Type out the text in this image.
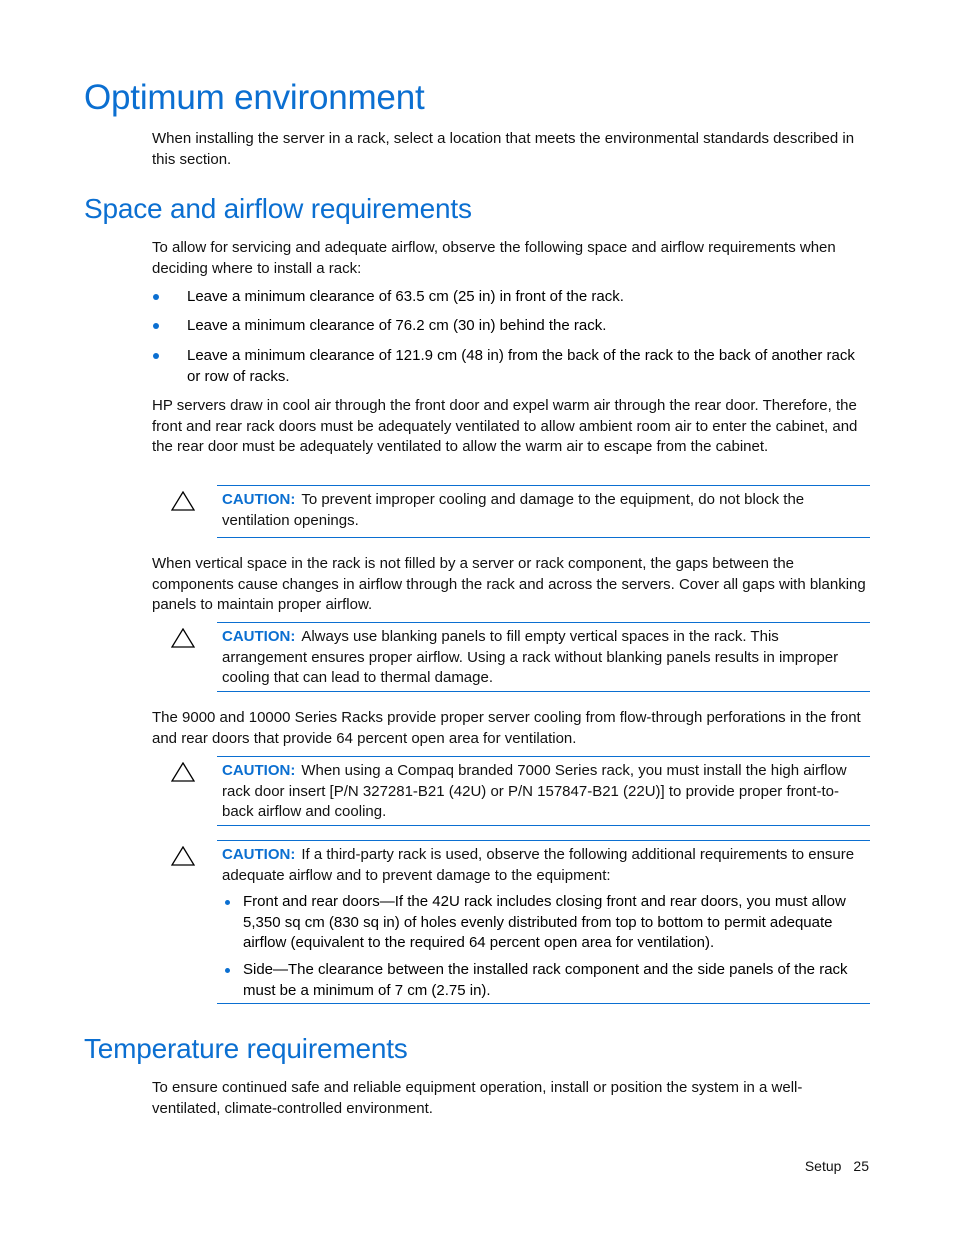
Optimum environment

When installing the server in a rack, select a location that meets the environmental standards described in this section.

Space and airflow requirements

To allow for servicing and adequate airflow, observe the following space and airflow requirements when deciding where to install a rack:

Leave a minimum clearance of 63.5 cm (25 in) in front of the rack.
Leave a minimum clearance of 76.2 cm (30 in) behind the rack.
Leave a minimum clearance of 121.9 cm (48 in) from the back of the rack to the back of another rack or row of racks.

HP servers draw in cool air through the front door and expel warm air through the rear door. Therefore, the front and rear rack doors must be adequately ventilated to allow ambient room air to enter the cabinet, and the rear door must be adequately ventilated to allow the warm air to escape from the cabinet.

CAUTION: To prevent improper cooling and damage to the equipment, do not block the ventilation openings.

When vertical space in the rack is not filled by a server or rack component, the gaps between the components cause changes in airflow through the rack and across the servers. Cover all gaps with blanking panels to maintain proper airflow.

CAUTION: Always use blanking panels to fill empty vertical spaces in the rack. This arrangement ensures proper airflow. Using a rack without blanking panels results in improper cooling that can lead to thermal damage.

The 9000 and 10000 Series Racks provide proper server cooling from flow-through perforations in the front and rear doors that provide 64 percent open area for ventilation.

CAUTION: When using a Compaq branded 7000 Series rack, you must install the high airflow rack door insert [P/N 327281-B21 (42U) or P/N 157847-B21 (22U)] to provide proper front-to-back airflow and cooling.
CAUTION: If a third-party rack is used, observe the following additional requirements to ensure adequate airflow and to prevent damage to the equipment:
Front and rear doors—If the 42U rack includes closing front and rear doors, you must allow 5,350 sq cm (830 sq in) of holes evenly distributed from top to bottom to permit adequate airflow (equivalent to the required 64 percent open area for ventilation).
Side—The clearance between the installed rack component and the side panels of the rack must be a minimum of 7 cm (2.75 in).
Temperature requirements

To ensure continued safe and reliable equipment operation, install or position the system in a well-ventilated, climate-controlled environment.

Setup 25
